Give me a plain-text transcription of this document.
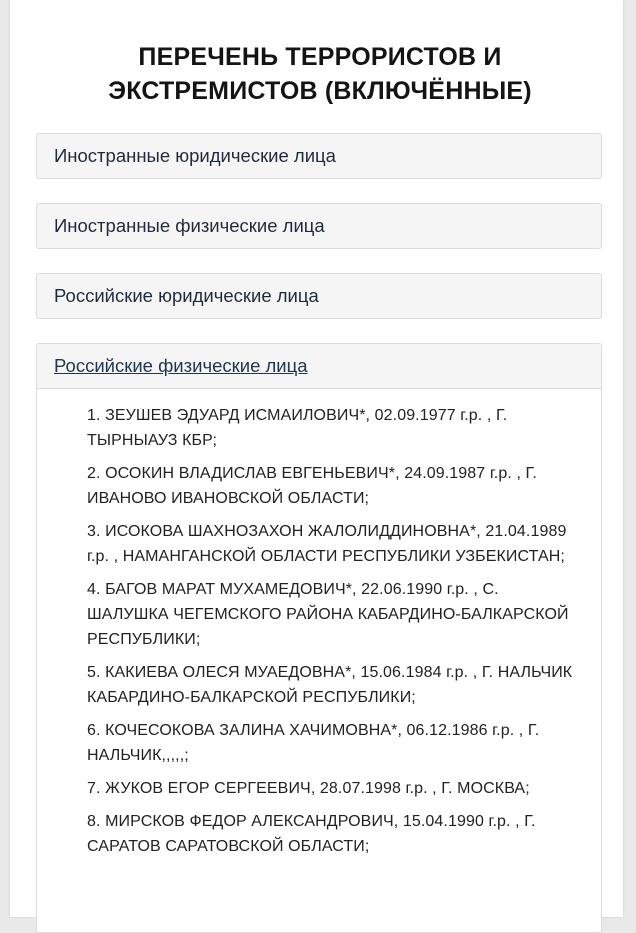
ПЕРЕЧЕНЬ ТЕРРОРИСТОВ И
ЭКСТРЕМИСТОВ (ВКЛЮЧЁННЫЕ)
Иностранные юридические лица
Иностранные физические лица
Российские юридические лица
Российские физические лица
1. ЗЕУШЕВ ЭДУАРД ИСМАИЛОВИЧ*, 02.09.1977 г.р. , Г. ТЫРНЫАУЗ КБР;
2. ОСОКИН ВЛАДИСЛАВ ЕВГЕНЬЕВИЧ*, 24.09.1987 г.р. , Г. ИВАНОВО ИВАНОВСКОЙ ОБЛАСТИ;
3. ИСОКОВА ШАХНОЗАХОН ЖАЛОЛИДДИНОВНА*, 21.04.1989 г.р. , НАМАНГАНСКОЙ ОБЛАСТИ РЕСПУБЛИКИ УЗБЕКИСТАН;
4. БАГОВ МАРАТ МУХАМЕДОВИЧ*, 22.06.1990 г.р. , С. ШАЛУШКА ЧЕГЕМСКОГО РАЙОНА КАБАРДИНО-БАЛКАРСКОЙ РЕСПУБЛИКИ;
5. КАКИЕВА ОЛЕСЯ МУАЕДОВНА*, 15.06.1984 г.р. , Г. НАЛЬЧИК КАБАРДИНО-БАЛКАРСКОЙ РЕСПУБЛИКИ;
6. КОЧЕСОКОВА ЗАЛИНА ХАЧИМОВНА*, 06.12.1986 г.р. , Г. НАЛЬЧИК,,,,,;
7. ЖУКОВ ЕГОР СЕРГЕЕВИЧ, 28.07.1998 г.р. , Г. МОСКВА;
8. МИРСКОВ ФЕДОР АЛЕКСАНДРОВИЧ, 15.04.1990 г.р. , Г. САРАТОВ САРАТОВСКОЙ ОБЛАСТИ;
